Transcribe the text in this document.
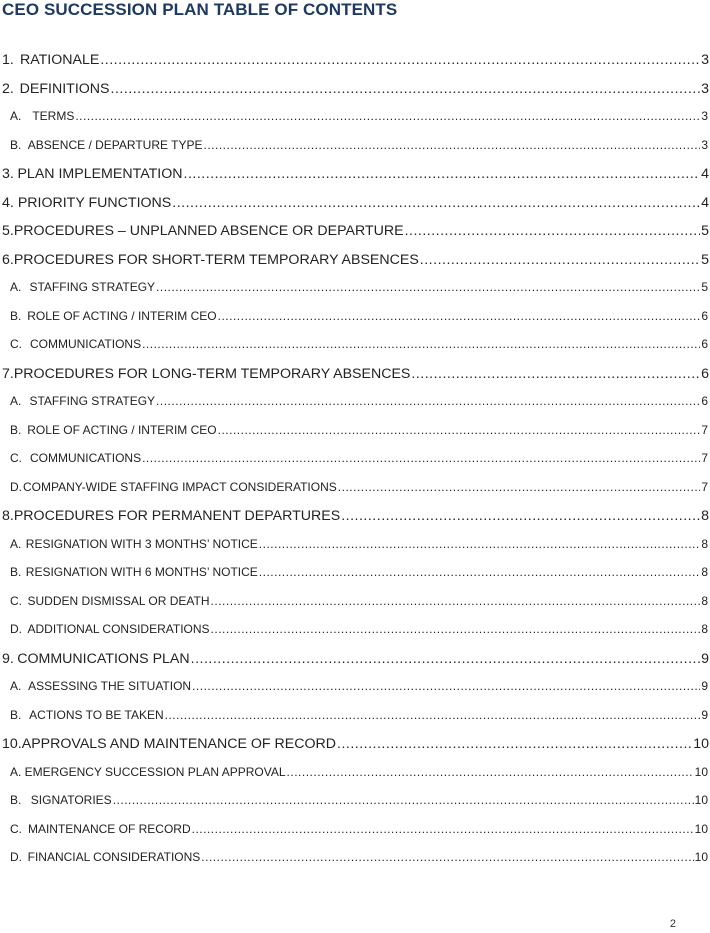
CEO SUCCESSION PLAN TABLE OF CONTENTS
1. RATIONALE .....	3
2. DEFINITIONS .....	3
A. TERMS .....	3
B. ABSENCE / DEPARTURE TYPE .....	3
3. PLAN IMPLEMENTATION .....	4
4. PRIORITY FUNCTIONS .....	4
5. PROCEDURES – UNPLANNED ABSENCE OR DEPARTURE .....	5
6. PROCEDURES FOR SHORT-TERM TEMPORARY ABSENCES .....	5
A. STAFFING STRATEGY .....	5
B. ROLE OF ACTING / INTERIM CEO .....	6
C. COMMUNICATIONS .....	6
7. PROCEDURES FOR LONG-TERM TEMPORARY ABSENCES .....	6
A. STAFFING STRATEGY .....	6
B. ROLE OF ACTING / INTERIM CEO .....	7
C. COMMUNICATIONS .....	7
D. COMPANY-WIDE STAFFING IMPACT CONSIDERATIONS .....	7
8. PROCEDURES FOR PERMANENT DEPARTURES .....	8
A. RESIGNATION WITH 3 MONTHS’ NOTICE .....	8
B. RESIGNATION WITH 6 MONTHS’ NOTICE .....	8
C. SUDDEN DISMISSAL OR DEATH .....	8
D. ADDITIONAL CONSIDERATIONS .....	8
9. COMMUNICATIONS PLAN .....	9
A. ASSESSING THE SITUATION .....	9
B. ACTIONS TO BE TAKEN .....	9
10. APPROVALS AND MAINTENANCE OF RECORD .....	10
A. EMERGENCY SUCCESSION PLAN APPROVAL .....	10
B. SIGNATORIES .....	10
C. MAINTENANCE OF RECORD .....	10
D. FINANCIAL CONSIDERATIONS .....	10
2
